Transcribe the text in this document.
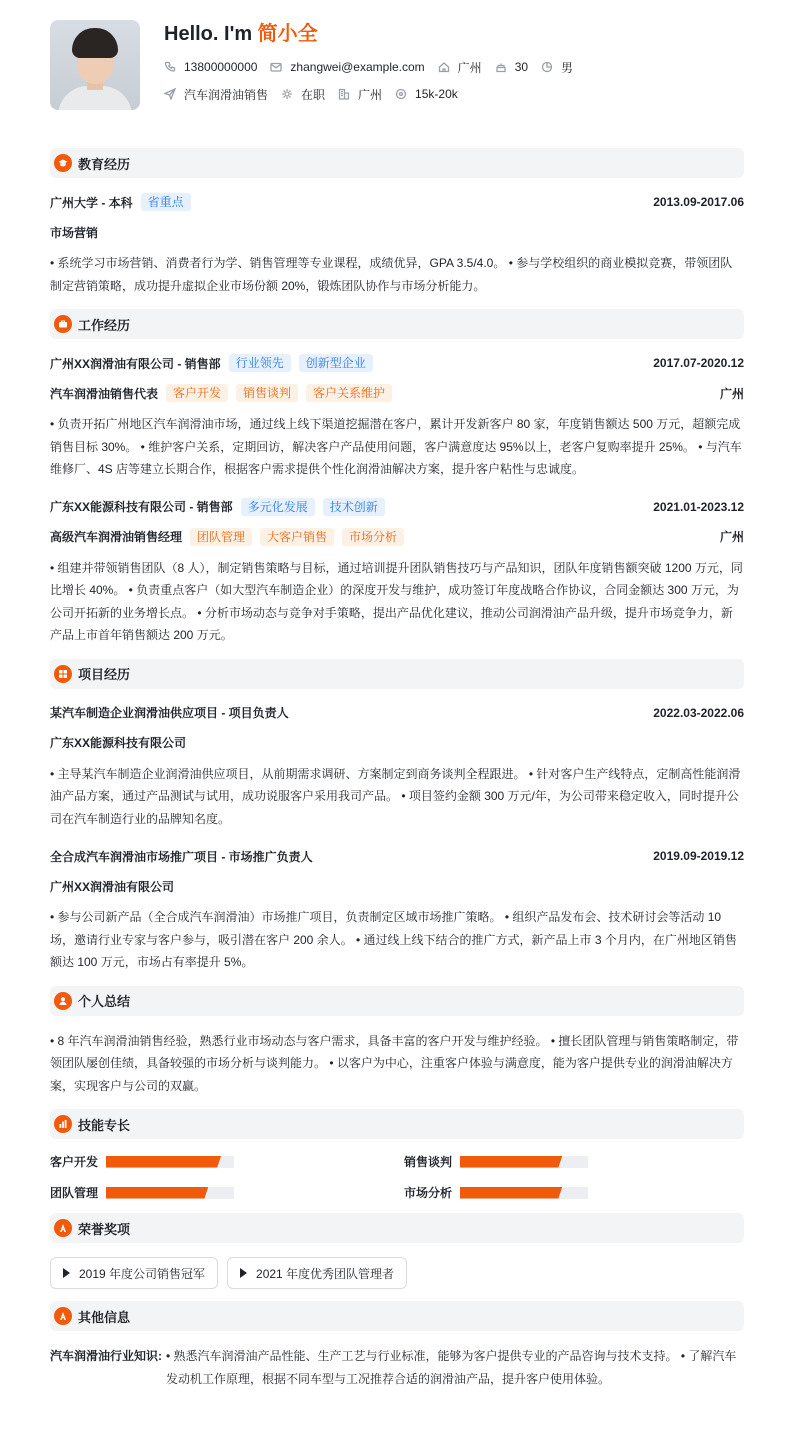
Hello. I'm 简小全
13800000000	zhangwei@example.com	广州	30	男
汽车润滑油销售	在职	广州	15k-20k
教育经历
广州大学 - 本科	省重点	2013.09-2017.06
市场营销
• 系统学习市场营销、消费者行为学、销售管理等专业课程，成绩优异，GPA 3.5/4.0。 • 参与学校组织的商业模拟竞赛，带领团队制定营销策略，成功提升虚拟企业市场份额 20%，锻炼团队协作与市场分析能力。
工作经历
广州XX润滑油有限公司 - 销售部	行业领先	创新型企业	2017.07-2020.12
汽车润滑油销售代表	客户开发	销售谈判	客户关系维护	广州
• 负责开拓广州地区汽车润滑油市场，通过线上线下渠道挖掘潜在客户，累计开发新客户 80 家，年度销售额达 500 万元，超额完成销售目标 30%。 • 维护客户关系，定期回访，解决客户产品使用问题，客户满意度达 95%以上，老客户复购率提升 25%。 • 与汽车维修厂、4S 店等建立长期合作，根据客户需求提供个性化润滑油解决方案，提升客户粘性与忠诚度。
广东XX能源科技有限公司 - 销售部	多元化发展	技术创新	2021.01-2023.12
高级汽车润滑油销售经理	团队管理	大客户销售	市场分析	广州
• 组建并带领销售团队（8 人），制定销售策略与目标，通过培训提升团队销售技巧与产品知识，团队年度销售额突破 1200 万元，同比增长 40%。 • 负责重点客户（如大型汽车制造企业）的深度开发与维护，成功签订年度战略合作协议，合同金额达 300 万元，为公司开拓新的业务增长点。 • 分析市场动态与竞争对手策略，提出产品优化建议，推动公司润滑油产品升级，提升市场竞争力，新产品上市首年销售额达 200 万元。
项目经历
某汽车制造企业润滑油供应项目 - 项目负责人	2022.03-2022.06
广东XX能源科技有限公司
• 主导某汽车制造企业润滑油供应项目，从前期需求调研、方案制定到商务谈判全程跟进。 • 针对客户生产线特点，定制高性能润滑油产品方案，通过产品测试与试用，成功说服客户采用我司产品。 • 项目签约金额 300 万元/年，为公司带来稳定收入，同时提升公司在汽车制造行业的品牌知名度。
全合成汽车润滑油市场推广项目 - 市场推广负责人	2019.09-2019.12
广州XX润滑油有限公司
• 参与公司新产品（全合成汽车润滑油）市场推广项目，负责制定区域市场推广策略。 • 组织产品发布会、技术研讨会等活动 10 场，邀请行业专家与客户参与，吸引潜在客户 200 余人。 • 通过线上线下结合的推广方式，新产品上市 3 个月内，在广州地区销售额达 100 万元，市场占有率提升 5%。
个人总结
• 8 年汽车润滑油销售经验，熟悉行业市场动态与客户需求，具备丰富的客户开发与维护经验。 • 擅长团队管理与销售策略制定，带领团队屡创佳绩，具备较强的市场分析与谈判能力。 • 以客户为中心，注重客户体验与满意度，能为客户提供专业的润滑油解决方案，实现客户与公司的双赢。
技能专长
客户开发	销售谈判
团队管理	市场分析
荣誉奖项
2019 年度公司销售冠军	2021 年度优秀团队管理者
其他信息
汽车润滑油行业知识: • 熟悉汽车润滑油产品性能、生产工艺与行业标准，能够为客户提供专业的产品咨询与技术支持。 • 了解汽车发动机工作原理，根据不同车型与工况推荐合适的润滑油产品，提升客户使用体验。
